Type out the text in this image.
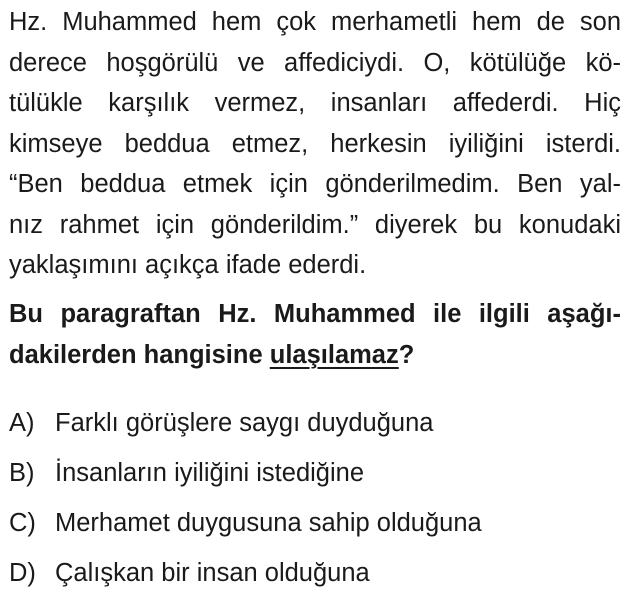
Hz. Muhammed hem çok merhametli hem de son
derece hoşgörülü ve affediciydi. O, kötülüğe kö-
tülükle karşılık vermez, insanları affederdi. Hiç
kimseye beddua etmez, herkesin iyiliğini isterdi.
“Ben beddua etmek için gönderilmedim. Ben yal-
nız rahmet için gönderildim.” diyerek bu konudaki
yaklaşımını açıkça ifade ederdi.
Bu paragraftan Hz. Muhammed ile ilgili aşağı-
dakilerden hangisine ulaşılamaz?
A) Farklı görüşlere saygı duyduğuna
B) İnsanların iyiliğini istediğine
C) Merhamet duygusuna sahip olduğuna
D) Çalışkan bir insan olduğuna
